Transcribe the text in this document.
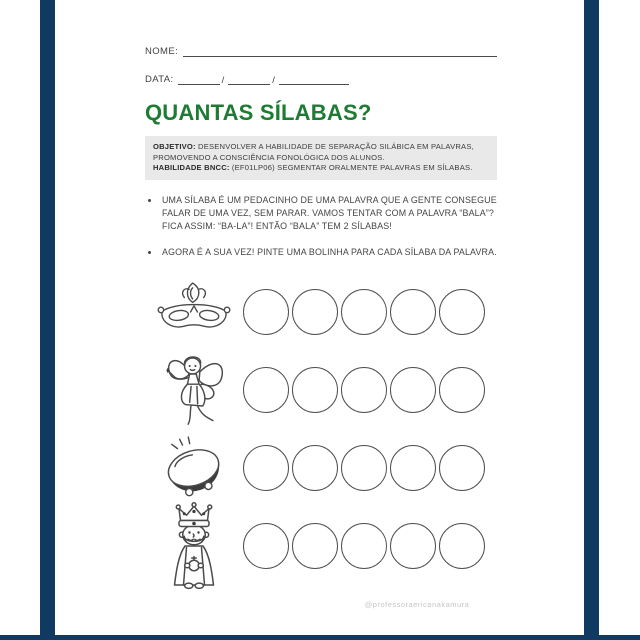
NOME:
DATA:	/	/
QUANTAS SÍLABAS?
OBJETIVO: DESENVOLVER A HABILIDADE DE SEPARAÇÃO SILÁBICA EM PALAVRAS, PROMOVENDO A CONSCIÊNCIA FONOLÓGICA DOS ALUNOS.
HABILIDADE BNCC: (EF01LP06) SEGMENTAR ORALMENTE PALAVRAS EM SÍLABAS.
• UMA SÍLABA É UM PEDACINHO DE UMA PALAVRA QUE A GENTE CONSEGUE FALAR DE UMA VEZ, SEM PARAR. VAMOS TENTAR COM A PALAVRA “BALA”? FICA ASSIM: “BA-LA”! ENTÃO “BALA” TEM 2 SÍLABAS!
• AGORA É A SUA VEZ! PINTE UMA BOLINHA PARA CADA SÍLABA DA PALAVRA.
@professoraericanakamura
